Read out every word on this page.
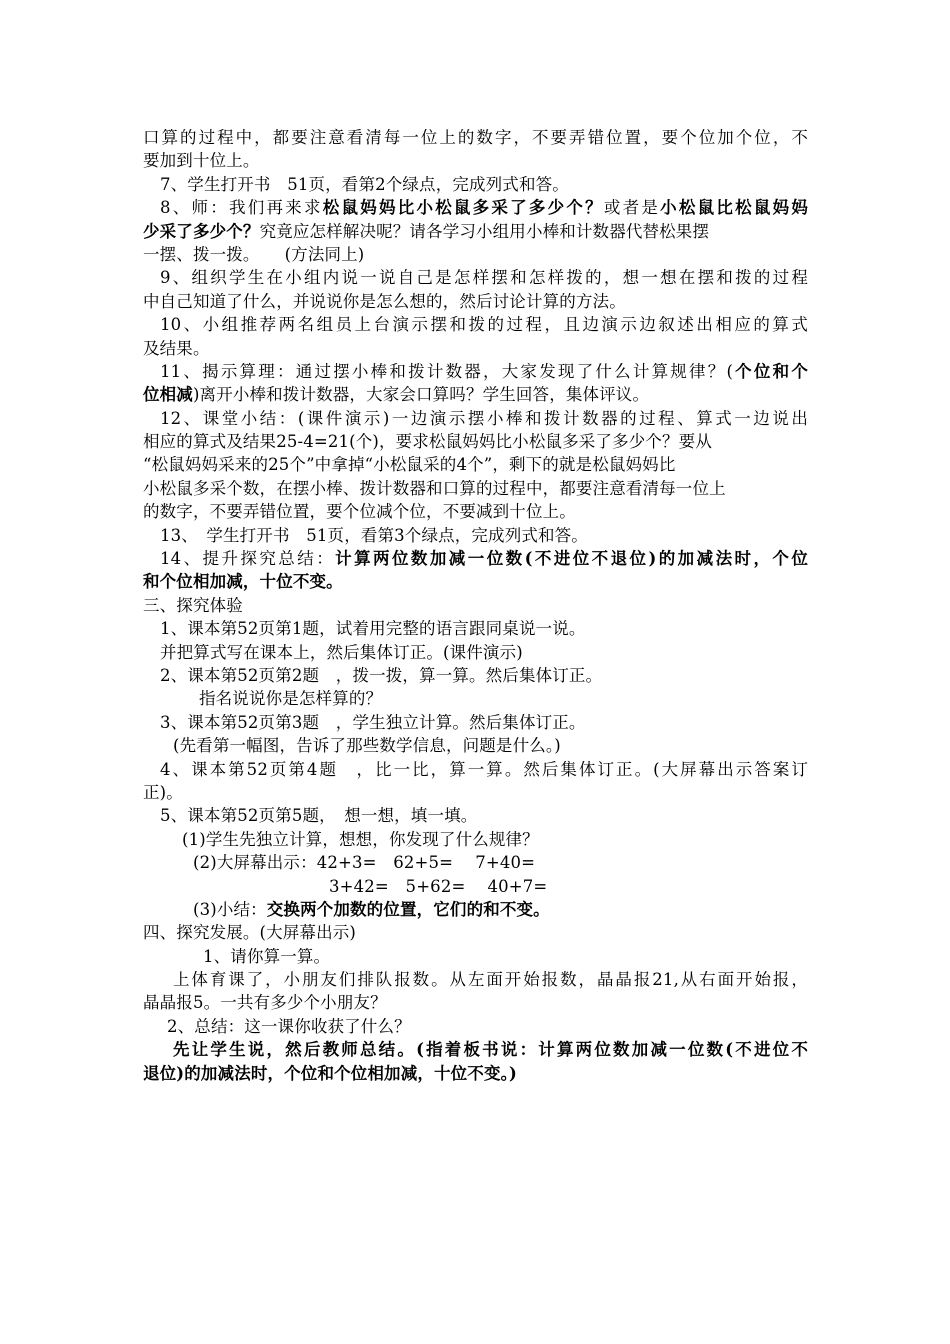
口算的过程中，都要注意看清每一位上的数字，不要弄错位置，要个位加个位，不
要加到十位上。
7、学生打开书　51页，看第2个绿点，完成列式和答。
8、师：我们再来求松鼠妈妈比小松鼠多采了多少个？或者是小松鼠比松鼠妈妈
少采了多少个？究竟应怎样解决呢？请各学习小组用小棒和计数器代替松果摆
一摆、拨一拨。　　(方法同上)
9、组织学生在小组内说一说自己是怎样摆和怎样拨的，想一想在摆和拨的过程
中自己知道了什么，并说说你是怎么想的，然后讨论计算的方法。
10、小组推荐两名组员上台演示摆和拨的过程，且边演示边叙述出相应的算式
及结果。
11、揭示算理：通过摆小棒和拨计数器，大家发现了什么计算规律？(个位和个
位相减)离开小棒和拨计数器，大家会口算吗？学生回答，集体评议。
12、课堂小结：(课件演示)一边演示摆小棒和拨计数器的过程、算式一边说出
相应的算式及结果25-4=21(个)，要求松鼠妈妈比小松鼠多采了多少个？要从
“松鼠妈妈采来的25个”中拿掉“小松鼠采的4个”，剩下的就是松鼠妈妈比
小松鼠多采个数，在摆小棒、拨计数器和口算的过程中，都要注意看清每一位上
的数字，不要弄错位置，要个位减个位，不要减到十位上。
13、　学生打开书　51页，看第3个绿点，完成列式和答。
14、提升探究总结：计算两位数加减一位数(不进位不退位)的加减法时，个位
和个位相加减，十位不变。
三、探究体验
1、课本第52页第1题，试着用完整的语言跟同桌说一说。
并把算式写在课本上，然后集体订正。(课件演示)
2、课本第52页第2题　，拨一拨，算一算。然后集体订正。
指名说说你是怎样算的？
3、课本第52页第3题　，学生独立计算。然后集体订正。
(先看第一幅图，告诉了那些数学信息，问题是什么。)
4、课本第52页第4题　，比一比，算一算。然后集体订正。(大屏幕出示答案订
正)。
5、课本第52页第5题，　想一想，填一填。
(1)学生先独立计算，想想，你发现了什么规律？
(2)大屏幕出示：42+3=　62+5=　 7+40=
3+42=　5+62=　 40+7=
(3)小结：交换两个加数的位置，它们的和不变。
四、探究发展。(大屏幕出示)
1、请你算一算。
上体育课了，小朋友们排队报数。从左面开始报数，晶晶报21,从右面开始报，
晶晶报5。一共有多少个小朋友？
2、总结：这一课你收获了什么？
先让学生说，然后教师总结。(指着板书说：计算两位数加减一位数(不进位不
退位)的加减法时，个位和个位相加减，十位不变。)
